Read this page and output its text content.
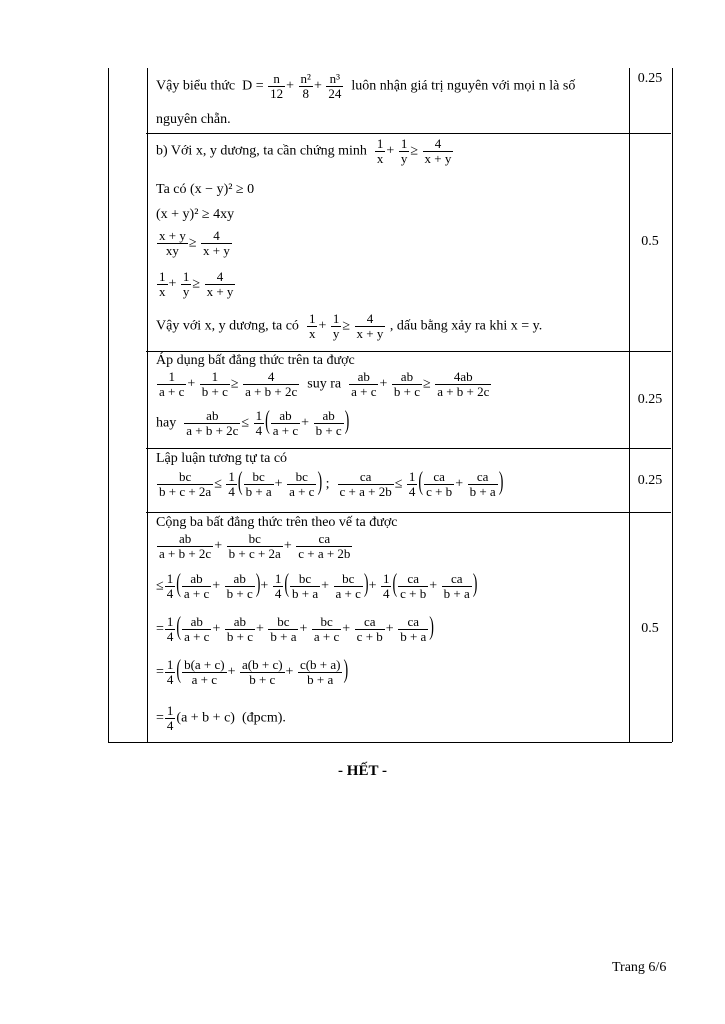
Vậy biểu thức $D = \frac{n}{12} + \frac{\text{n²}}{8} + \frac{\text{n³}}{24}$ luôn nhận giá trị nguyên với mọi n là số
nguyên chẵn.
0.25
b) Với x, y dương, ta cần chứng minh $\frac{1}{x} + \frac{1}{y} \ge \frac{4}{x + y}$
Ta có (x − y)² ≥ 0
(x + y)² ≥ 4xy
$\frac{x + y}{xy} \ge \frac{4}{x + y}$
$\frac{1}{x} + \frac{1}{y} \ge \frac{4}{x + y}$
Vậy với x, y dương, ta có $\frac{1}{x} + \frac{1}{y} \ge \frac{4}{x + y}$ , dấu bằng xảy ra khi x = y.
0.5
Áp dụng bất đẳng thức trên ta được
$\frac{1}{a + c} + \frac{1}{b + c} \ge \frac{4}{a + b + 2c}$ suy ra $\frac{ab}{a + c} + \frac{ab}{b + c} \ge \frac{4ab}{a + b + 2c}$
hay $\frac{ab}{a + b + 2c} \le \frac{1}{4}$ ( $\frac{ab}{a + c} + \frac{ab}{b + c}$ )
0.25
Lập luận tương tự ta có
$\frac{bc}{b + c + 2a} \le \frac{1}{4}$ ( $\frac{bc}{b + a} + \frac{bc}{a + c}$ ) ; $\frac{ca}{c + a + 2b} \le \frac{1}{4}$ ( $\frac{ca}{c + b} + \frac{ca}{b + a}$ )	0.25
Cộng ba bất đẳng thức trên theo vế ta được
$\frac{ab}{a + b + 2c} + \frac{bc}{b + c + 2a} + \frac{ca}{c + a + 2b}$
≤ $\frac{1}{4}$ ( $\frac{ab}{a + c} + \frac{ab}{b + c}$ )+ $\frac{1}{4}$ ( $\frac{bc}{b + a} + \frac{bc}{a + c}$ )+ $\frac{1}{4}$ ( $\frac{ca}{c + b} + \frac{ca}{b + a}$ )
= $\frac{1}{4}$ ( $\frac{ab}{a + c} + \frac{ab}{b + c} + \frac{bc}{b + a} + \frac{bc}{a + c} + \frac{ca}{c + b} + \frac{ca}{b + a}$ )
= $\frac{1}{4}$ ( $\frac{b(a + c)}{a + c} + \frac{a(b + c)}{b + c} + \frac{c(b + a)}{b + a}$ )
= $\frac{1}{4} (a + b + c)$ (đpcm).
0.5
- HẾT -
Trang 6/6
